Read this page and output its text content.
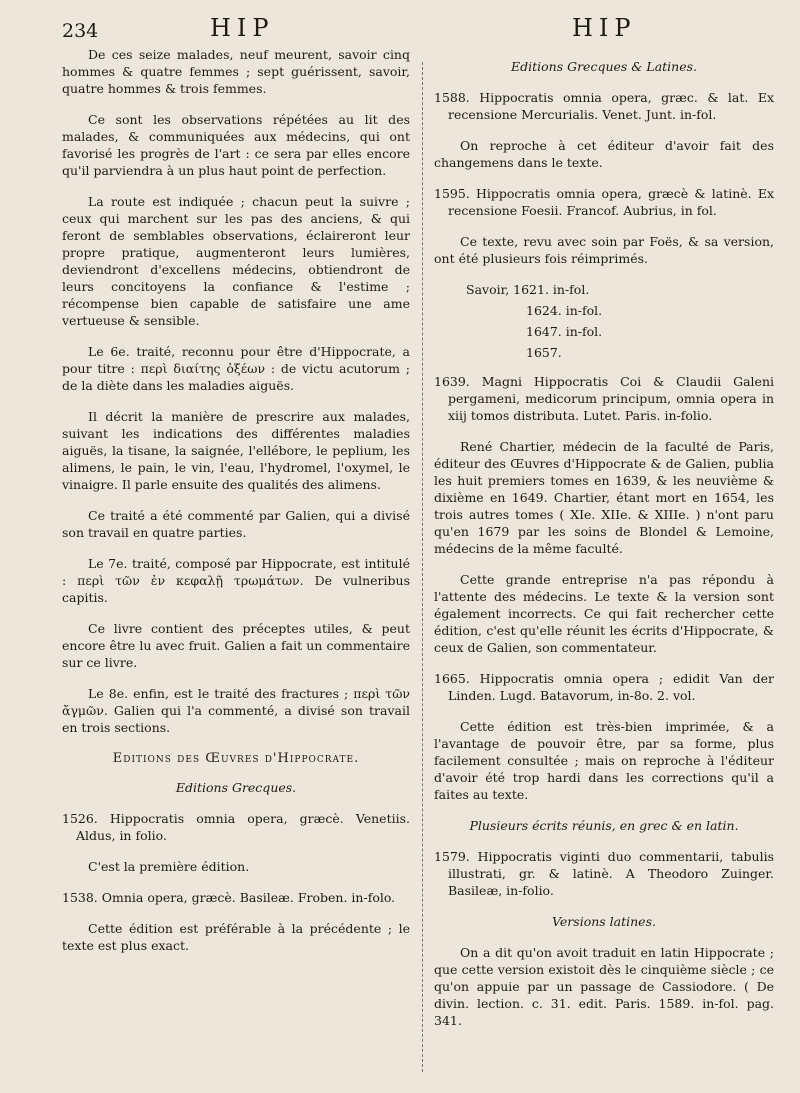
234	HIP	HIP

De ces seize malades, neuf meurent, savoir cinq hommes & quatre femmes ; sept guérissent, savoir, quatre hommes & trois femmes.

Ce sont les observations répétées au lit des malades, & communiquées aux médecins, qui ont favorisé les progrès de l'art : ce sera par elles encore qu'il parviendra à un plus haut point de perfection.

La route est indiquée ; chacun peut la suivre ; ceux qui marchent sur les pas des anciens, & qui feront de semblables observations, éclaireront leur propre pratique, augmenteront leurs lumières, deviendront d'excellens médecins, obtiendront de leurs concitoyens la confiance & l'estime ; récompense bien capable de satisfaire une ame vertueuse & sensible.

Le 6e. traité, reconnu pour être d'Hippocrate, a pour titre : περὶ διαίτης ὀξέων : de victu acutorum ; de la diète dans les maladies aiguës.

Il décrit la manière de prescrire aux malades, suivant les indications des différentes maladies aiguës, la tisane, la saignée, l'ellébore, le peplium, les alimens, le pain, le vin, l'eau, l'hydromel, l'oxymel, le vinaigre. Il parle ensuite des qualités des alimens.

Ce traité a été commenté par Galien, qui a divisé son travail en quatre parties.

Le 7e. traité, composé par Hippocrate, est intitulé : περὶ τῶν ἐν κεφαλῇ τρωμάτων. De vulneribus capitis.

Ce livre contient des préceptes utiles, & peut encore être lu avec fruit. Galien a fait un commentaire sur ce livre.

Le 8e. enfin, est le traité des fractures ; περὶ τῶν ἄγμῶν. Galien qui l'a commenté, a divisé son travail en trois sections.

Editions des Œuvres d'Hippocrate.

Editions Grecques.

1526. Hippocratis omnia opera, græcè. Venetiis. Aldus, in folio.

C'est la première édition.

1538. Omnia opera, græcè. Basileæ. Froben. in-folo.

Cette édition est préférable à la précédente ; le texte est plus exact.

Editions Grecques & Latines.

1588. Hippocratis omnia opera, græc. & lat. Ex recensione Mercurialis. Venet. Junt. in-fol.

On reproche à cet éditeur d'avoir fait des changemens dans le texte.

1595. Hippocratis omnia opera, græcè & latinè. Ex recensione Foesii. Francof. Aubrius, in fol.

Ce texte, revu avec soin par Foës, & sa version, ont été plusieurs fois réimprimés.

Savoir, 1621. in-fol.

1624. in-fol.

1647. in-fol.

1657.

1639. Magni Hippocratis Coi & Claudii Galeni pergameni, medicorum principum, omnia opera in xiij tomos distributa. Lutet. Paris. in-folio.

René Chartier, médecin de la faculté de Paris, éditeur des Œuvres d'Hippocrate & de Galien, publia les huit premiers tomes en 1639, & les neuvième & dixième en 1649. Chartier, étant mort en 1654, les trois autres tomes ( XIe. XIIe. & XIIIe. ) n'ont paru qu'en 1679 par les soins de Blondel & Lemoine, médecins de la même faculté.

Cette grande entreprise n'a pas répondu à l'attente des médecins. Le texte & la version sont également incorrects. Ce qui fait rechercher cette édition, c'est qu'elle réunit les écrits d'Hippocrate, & ceux de Galien, son commentateur.

1665. Hippocratis omnia opera ; edidit Van der Linden. Lugd. Batavorum, in-8o. 2. vol.

Cette édition est très-bien imprimée, & a l'avantage de pouvoir être, par sa forme, plus facilement consultée ; mais on reproche à l'éditeur d'avoir été trop hardi dans les corrections qu'il a faites au texte.

Plusieurs écrits réunis, en grec & en latin.

1579. Hippocratis viginti duo commentarii, tabulis illustrati, gr. & latinè. A Theodoro Zuinger. Basileæ, in-folio.

Versions latines.

On a dit qu'on avoit traduit en latin Hippocrate ; que cette version existoit dès le cinquième siècle ; ce qu'on appuie par un passage de Cassiodore. ( De divin. lection. c. 31. edit. Paris. 1589. in-fol. pag. 341.
